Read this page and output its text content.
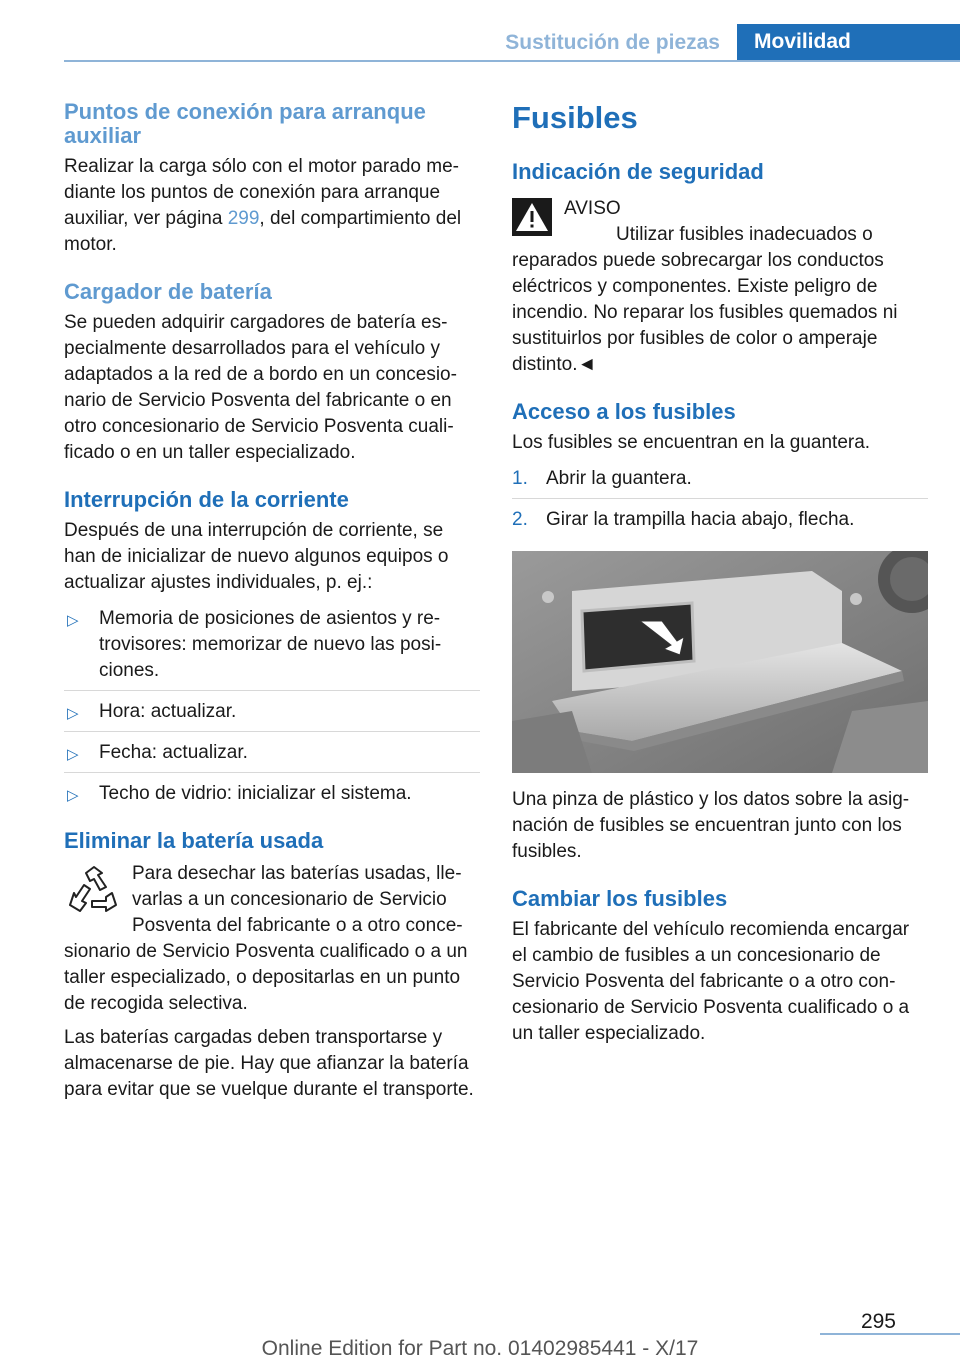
Sustitución de piezas	Movilidad
Puntos de conexión para arranque auxiliar

Realizar la carga sólo con el motor parado mediante los puntos de conexión para arranque auxiliar, ver página 299, del compartimiento del motor.

Cargador de batería

Se pueden adquirir cargadores de batería especialmente desarrollados para el vehículo y adaptados a la red de a bordo en un concesionario de Servicio Posventa del fabricante o en otro concesionario de Servicio Posventa cualificado o en un taller especializado.

Interrupción de la corriente

Después de una interrupción de corriente, se han de inicializar de nuevo algunos equipos o actualizar ajustes individuales, p. ej.:

▷ Memoria de posiciones de asientos y retrovisores: memorizar de nuevo las posiciones.
▷ Hora: actualizar.
▷ Fecha: actualizar.
▷ Techo de vidrio: inicializar el sistema.
Eliminar la batería usada

Para desechar las baterías usadas, llevarlas a un concesionario de Servicio Posventa del fabricante o a otro concesionario de Servicio Posventa cualificado o a un taller especializado, o depositarlas en un punto de recogida selectiva.

Las baterías cargadas deben transportarse y almacenarse de pie. Hay que afianzar la batería para evitar que se vuelque durante el transporte.

Fusibles
Indicación de seguridad

AVISO

Utilizar fusibles inadecuados o reparados puede sobrecargar los conductos eléctricos y componentes. Existe peligro de incendio. No reparar los fusibles quemados ni sustituirlos por fusibles de color o amperaje distinto.◄

Acceso a los fusibles

Los fusibles se encuentran en la guantera.

1. Abrir la guantera.
2. Girar la trampilla hacia abajo, flecha.

Una pinza de plástico y los datos sobre la asignación de fusibles se encuentran junto con los fusibles.

Cambiar los fusibles

El fabricante del vehículo recomienda encargar el cambio de fusibles a un concesionario de Servicio Posventa del fabricante o a otro concesionario de Servicio Posventa cualificado o a un taller especializado.

295
Online Edition for Part no. 01402985441 - X/17
